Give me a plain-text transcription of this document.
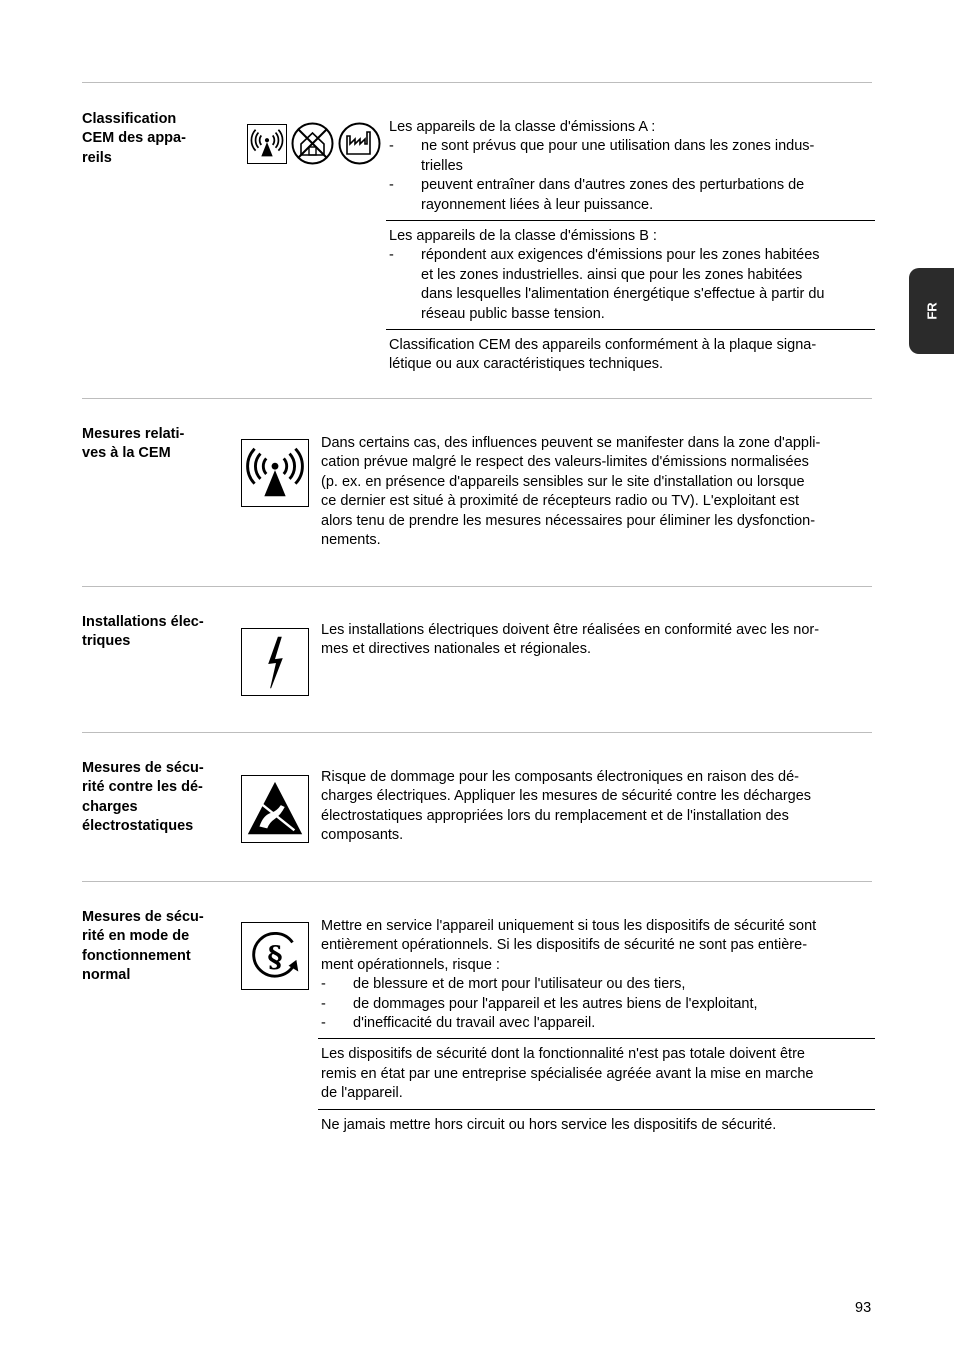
FR
Classification
CEM des appa-
reils
Les appareils de la classe d'émissions A :
- ne sont prévus que pour une utilisation dans les zones indus-
trielles
- peuvent entraîner dans d'autres zones des perturbations de
rayonnement liées à leur puissance.
Les appareils de la classe d'émissions B :
- répondent aux exigences d'émissions pour les zones habitées
et les zones industrielles. ainsi que pour les zones habitées
dans lesquelles l'alimentation énergétique s'effectue à partir du
réseau public basse tension.
Classification CEM des appareils conformément à la plaque signa-
létique ou aux caractéristiques techniques.
Mesures relati-
ves à la CEM
Dans certains cas, des influences peuvent se manifester dans la zone d'appli-
cation prévue malgré le respect des valeurs-limites d'émissions normalisées
(p. ex. en présence d'appareils sensibles sur le site d'installation ou lorsque
ce dernier est situé à proximité de récepteurs radio ou TV). L'exploitant est
alors tenu de prendre les mesures nécessaires pour éliminer les dysfonction-
nements.
Installations élec-
triques
Les installations électriques doivent être réalisées en conformité avec les nor-
mes et directives nationales et régionales.
Mesures de sécu-
rité contre les dé-
charges
électrostatiques
Risque de dommage pour les composants électroniques en raison des dé-
charges électriques. Appliquer les mesures de sécurité contre les décharges
électrostatiques appropriées lors du remplacement et de l'installation des
composants.
Mesures de sécu-
rité en mode de
fonctionnement
normal
§
Mettre en service l'appareil uniquement si tous les dispositifs de sécurité sont
entièrement opérationnels. Si les dispositifs de sécurité ne sont pas entière-
ment opérationnels, risque :
- de blessure et de mort pour l'utilisateur ou des tiers,
- de dommages pour l'appareil et les autres biens de l'exploitant,
- d'inefficacité du travail avec l'appareil.
Les dispositifs de sécurité dont la fonctionnalité n'est pas totale doivent être
remis en état par une entreprise spécialisée agréée avant la mise en marche
de l'appareil.
Ne jamais mettre hors circuit ou hors service les dispositifs de sécurité.
93
